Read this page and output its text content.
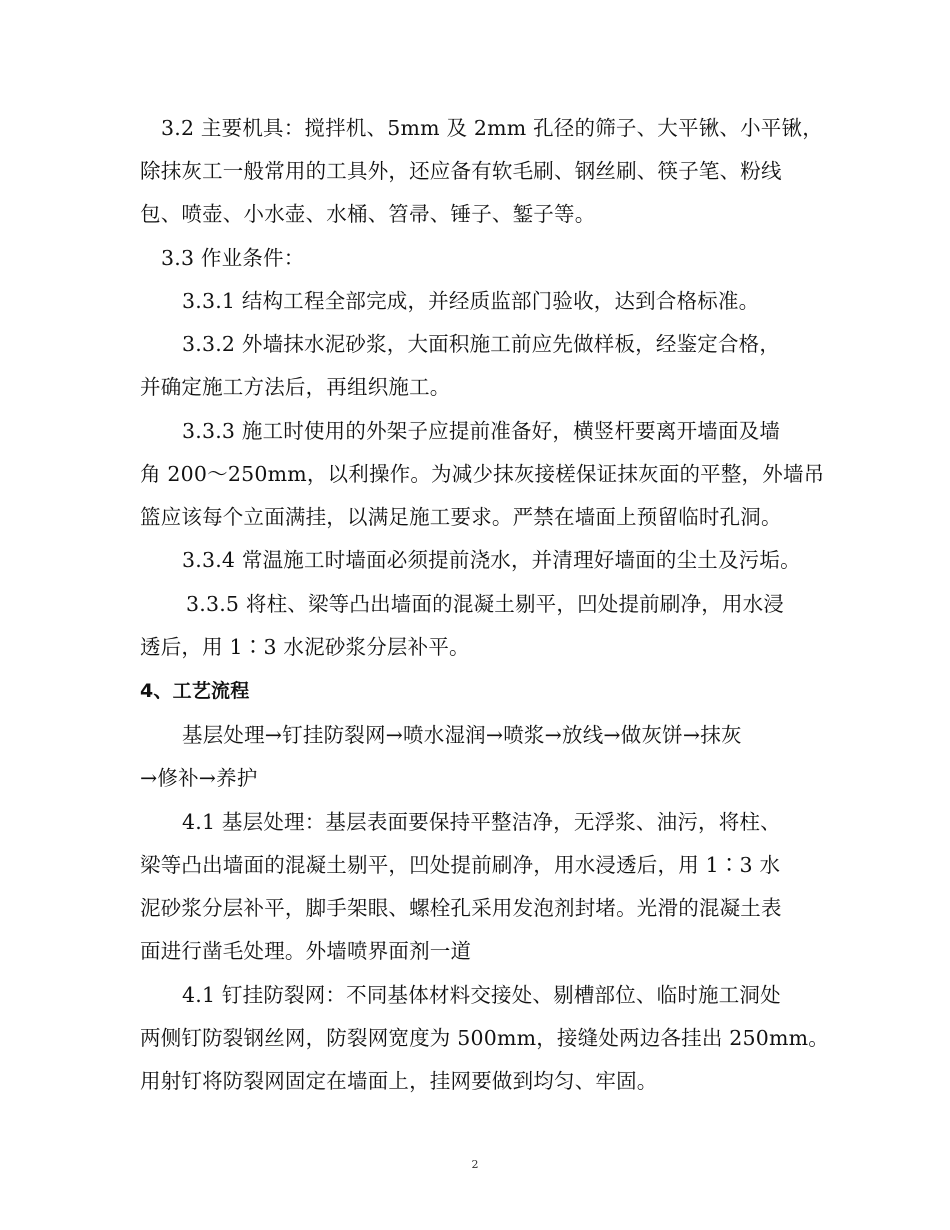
3.2 主要机具：搅拌机、5mm 及 2mm 孔径的筛子、大平锹、小平锹，
除抹灰工一般常用的工具外，还应备有软毛刷、钢丝刷、筷子笔、粉线
包、喷壶、小水壶、水桶、笤帚、锤子、錾子等。
3.3 作业条件：
3.3.1 结构工程全部完成，并经质监部门验收，达到合格标准。
3.3.2 外墙抹水泥砂浆，大面积施工前应先做样板，经鉴定合格，
并确定施工方法后，再组织施工。
3.3.3 施工时使用的外架子应提前准备好，横竖杆要离开墙面及墙
角 200～250mm，以利操作。为减少抹灰接槎保证抹灰面的平整，外墙吊
篮应该每个立面满挂，以满足施工要求。严禁在墙面上预留临时孔洞。
3.3.4 常温施工时墙面必须提前浇水，并清理好墙面的尘土及污垢。
3.3.5 将柱、梁等凸出墙面的混凝土剔平，凹处提前刷净，用水浸
透后，用 1∶3 水泥砂浆分层补平。
4、工艺流程
基层处理→钉挂防裂网→喷水湿润→喷浆→放线→做灰饼→抹灰
→修补→养护
4.1 基层处理：基层表面要保持平整洁净，无浮浆、油污，将柱、
梁等凸出墙面的混凝土剔平，凹处提前刷净，用水浸透后，用 1∶3 水
泥砂浆分层补平，脚手架眼、螺栓孔采用发泡剂封堵。光滑的混凝土表
面进行凿毛处理。外墙喷界面剂一道
4.1 钉挂防裂网：不同基体材料交接处、剔槽部位、临时施工洞处
两侧钉防裂钢丝网，防裂网宽度为 500mm，接缝处两边各挂出 250mm。
用射钉将防裂网固定在墙面上，挂网要做到均匀、牢固。
2
